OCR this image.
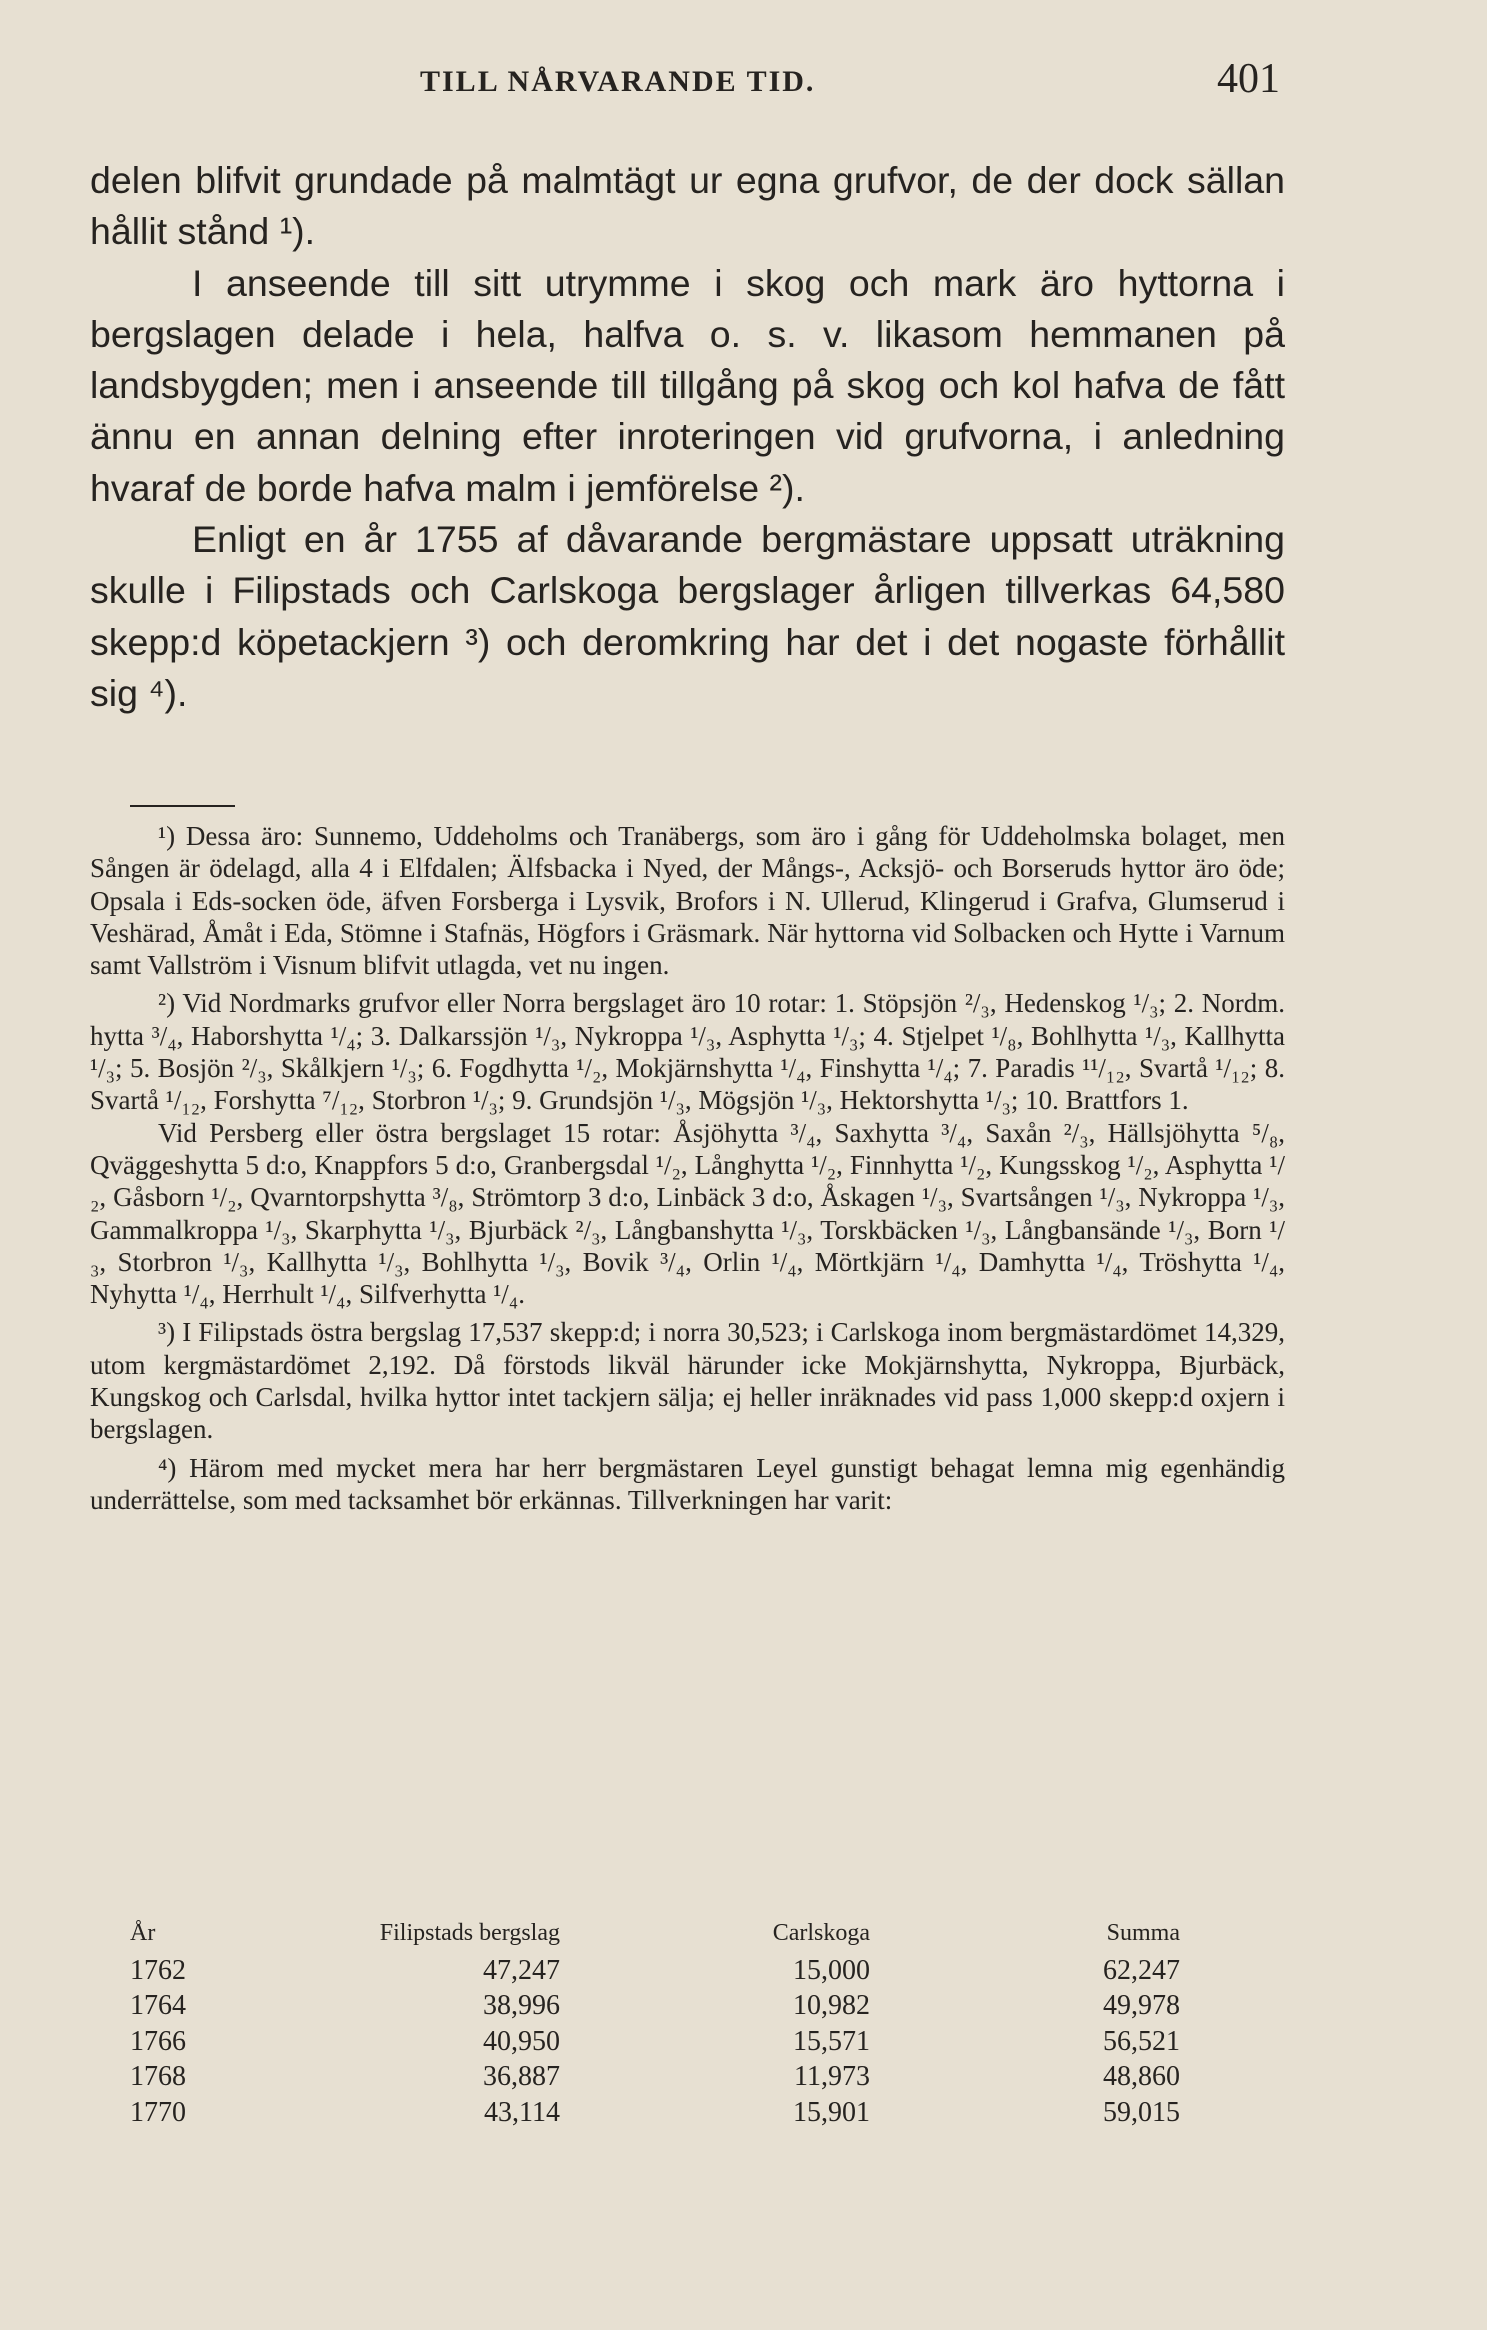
TILL NÅRVARANDE TID.	401

delen blifvit grundade på malmtägt ur egna grufvor, de der dock sällan hållit stånd ¹).

I anseende till sitt utrymme i skog och mark äro hyttorna i bergslagen delade i hela, halfva o. s. v. likasom hemmanen på landsbygden; men i anseende till tillgång på skog och kol hafva de fått ännu en annan delning efter inroteringen vid grufvorna, i anledning hvaraf de borde hafva malm i jemförelse ²).

Enligt en år 1755 af dåvarande bergmästare uppsatt uträkning skulle i Filipstads och Carlskoga bergslager årligen tillverkas 64,580 skepp:d köpetackjern ³) och deromkring har det i det nogaste förhållit sig ⁴).

¹) Dessa äro: Sunnemo, Uddeholms och Tranäbergs, som äro i gång för Uddeholmska bolaget, men Sången är ödelagd, alla 4 i Elfdalen; Älfsbacka i Nyed, der Mångs-, Acksjö- och Borseruds hyttor äro öde; Opsala i Eds-socken öde, äfven Forsberga i Lysvik, Brofors i N. Ullerud, Klingerud i Grafva, Glumserud i Veshärad, Åmåt i Eda, Stömne i Stafnäs, Högfors i Gräsmark. När hyttorna vid Solbacken och Hytte i Varnum samt Vallström i Visnum blifvit utlagda, vet nu ingen.

²) Vid Nordmarks grufvor eller Norra bergslaget äro 10 rotar: 1. Stöpsjön ²/₃, Hedenskog ¹/₃; 2. Nordm. hytta ³/₄, Haborshytta ¹/₄; 3. Dalkarssjön ¹/₃, Nykroppa ¹/₃, Asphytta ¹/₃; 4. Stjelpet ¹/₈, Bohlhytta ¹/₃, Kallhytta ¹/₃; 5. Bosjön ²/₃, Skålkjern ¹/₃; 6. Fogdhytta ¹/₂, Mokjärnshytta ¹/₄, Finshytta ¹/₄; 7. Paradis ¹¹/₁₂, Svartå ¹/₁₂; 8. Svartå ¹/₁₂, Forshytta ⁷/₁₂, Storbron ¹/₃; 9. Grundsjön ¹/₃, Mögsjön ¹/₃, Hektorshytta ¹/₃; 10. Brattfors 1.

Vid Persberg eller östra bergslaget 15 rotar: Åsjöhytta ³/₄, Saxhytta ³/₄, Saxån ²/₃, Hällsjöhytta ⁵/₈, Qväggeshytta 5 d:o, Knappfors 5 d:o, Granbergsdal ¹/₂, Långhytta ¹/₂, Finnhytta ¹/₂, Kungsskog ¹/₂, Asphytta ¹/₂, Gåsborn ¹/₂, Qvarntorpshytta ³/₈, Strömtorp 3 d:o, Linbäck 3 d:o, Åskagen ¹/₃, Svartsången ¹/₃, Nykroppa ¹/₃, Gammalkroppa ¹/₃, Skarphytta ¹/₃, Bjurbäck ²/₃, Långbanshytta ¹/₃, Torskbäcken ¹/₃, Långbansände ¹/₃, Born ¹/₃, Storbron ¹/₃, Kallhytta ¹/₃, Bohlhytta ¹/₃, Bovik ³/₄, Orlin ¹/₄, Mörtkjärn ¹/₄, Damhytta ¹/₄, Tröshytta ¹/₄, Nyhytta ¹/₄, Herrhult ¹/₄, Silfverhytta ¹/₄.

³) I Filipstads östra bergslag 17,537 skepp:d; i norra 30,523; i Carlskoga inom bergmästardömet 14,329, utom kergmästardömet 2,192. Då förstods likväl härunder icke Mokjärnshytta, Nykroppa, Bjurbäck, Kungskog och Carlsdal, hvilka hyttor intet tackjern sälja; ej heller inräknades vid pass 1,000 skepp:d oxjern i bergslagen.

⁴) Härom med mycket mera har herr bergmästaren Leyel gunstigt behagat lemna mig egenhändig underrättelse, som med tacksamhet bör erkännas. Tillverkningen har varit:

År	Filipstads bergslag	Carlskoga	Summa
1762	47,247	15,000	62,247
1764	38,996	10,982	49,978
1766	40,950	15,571	56,521
1768	36,887	11,973	48,860
1770	43,114	15,901	59,015
